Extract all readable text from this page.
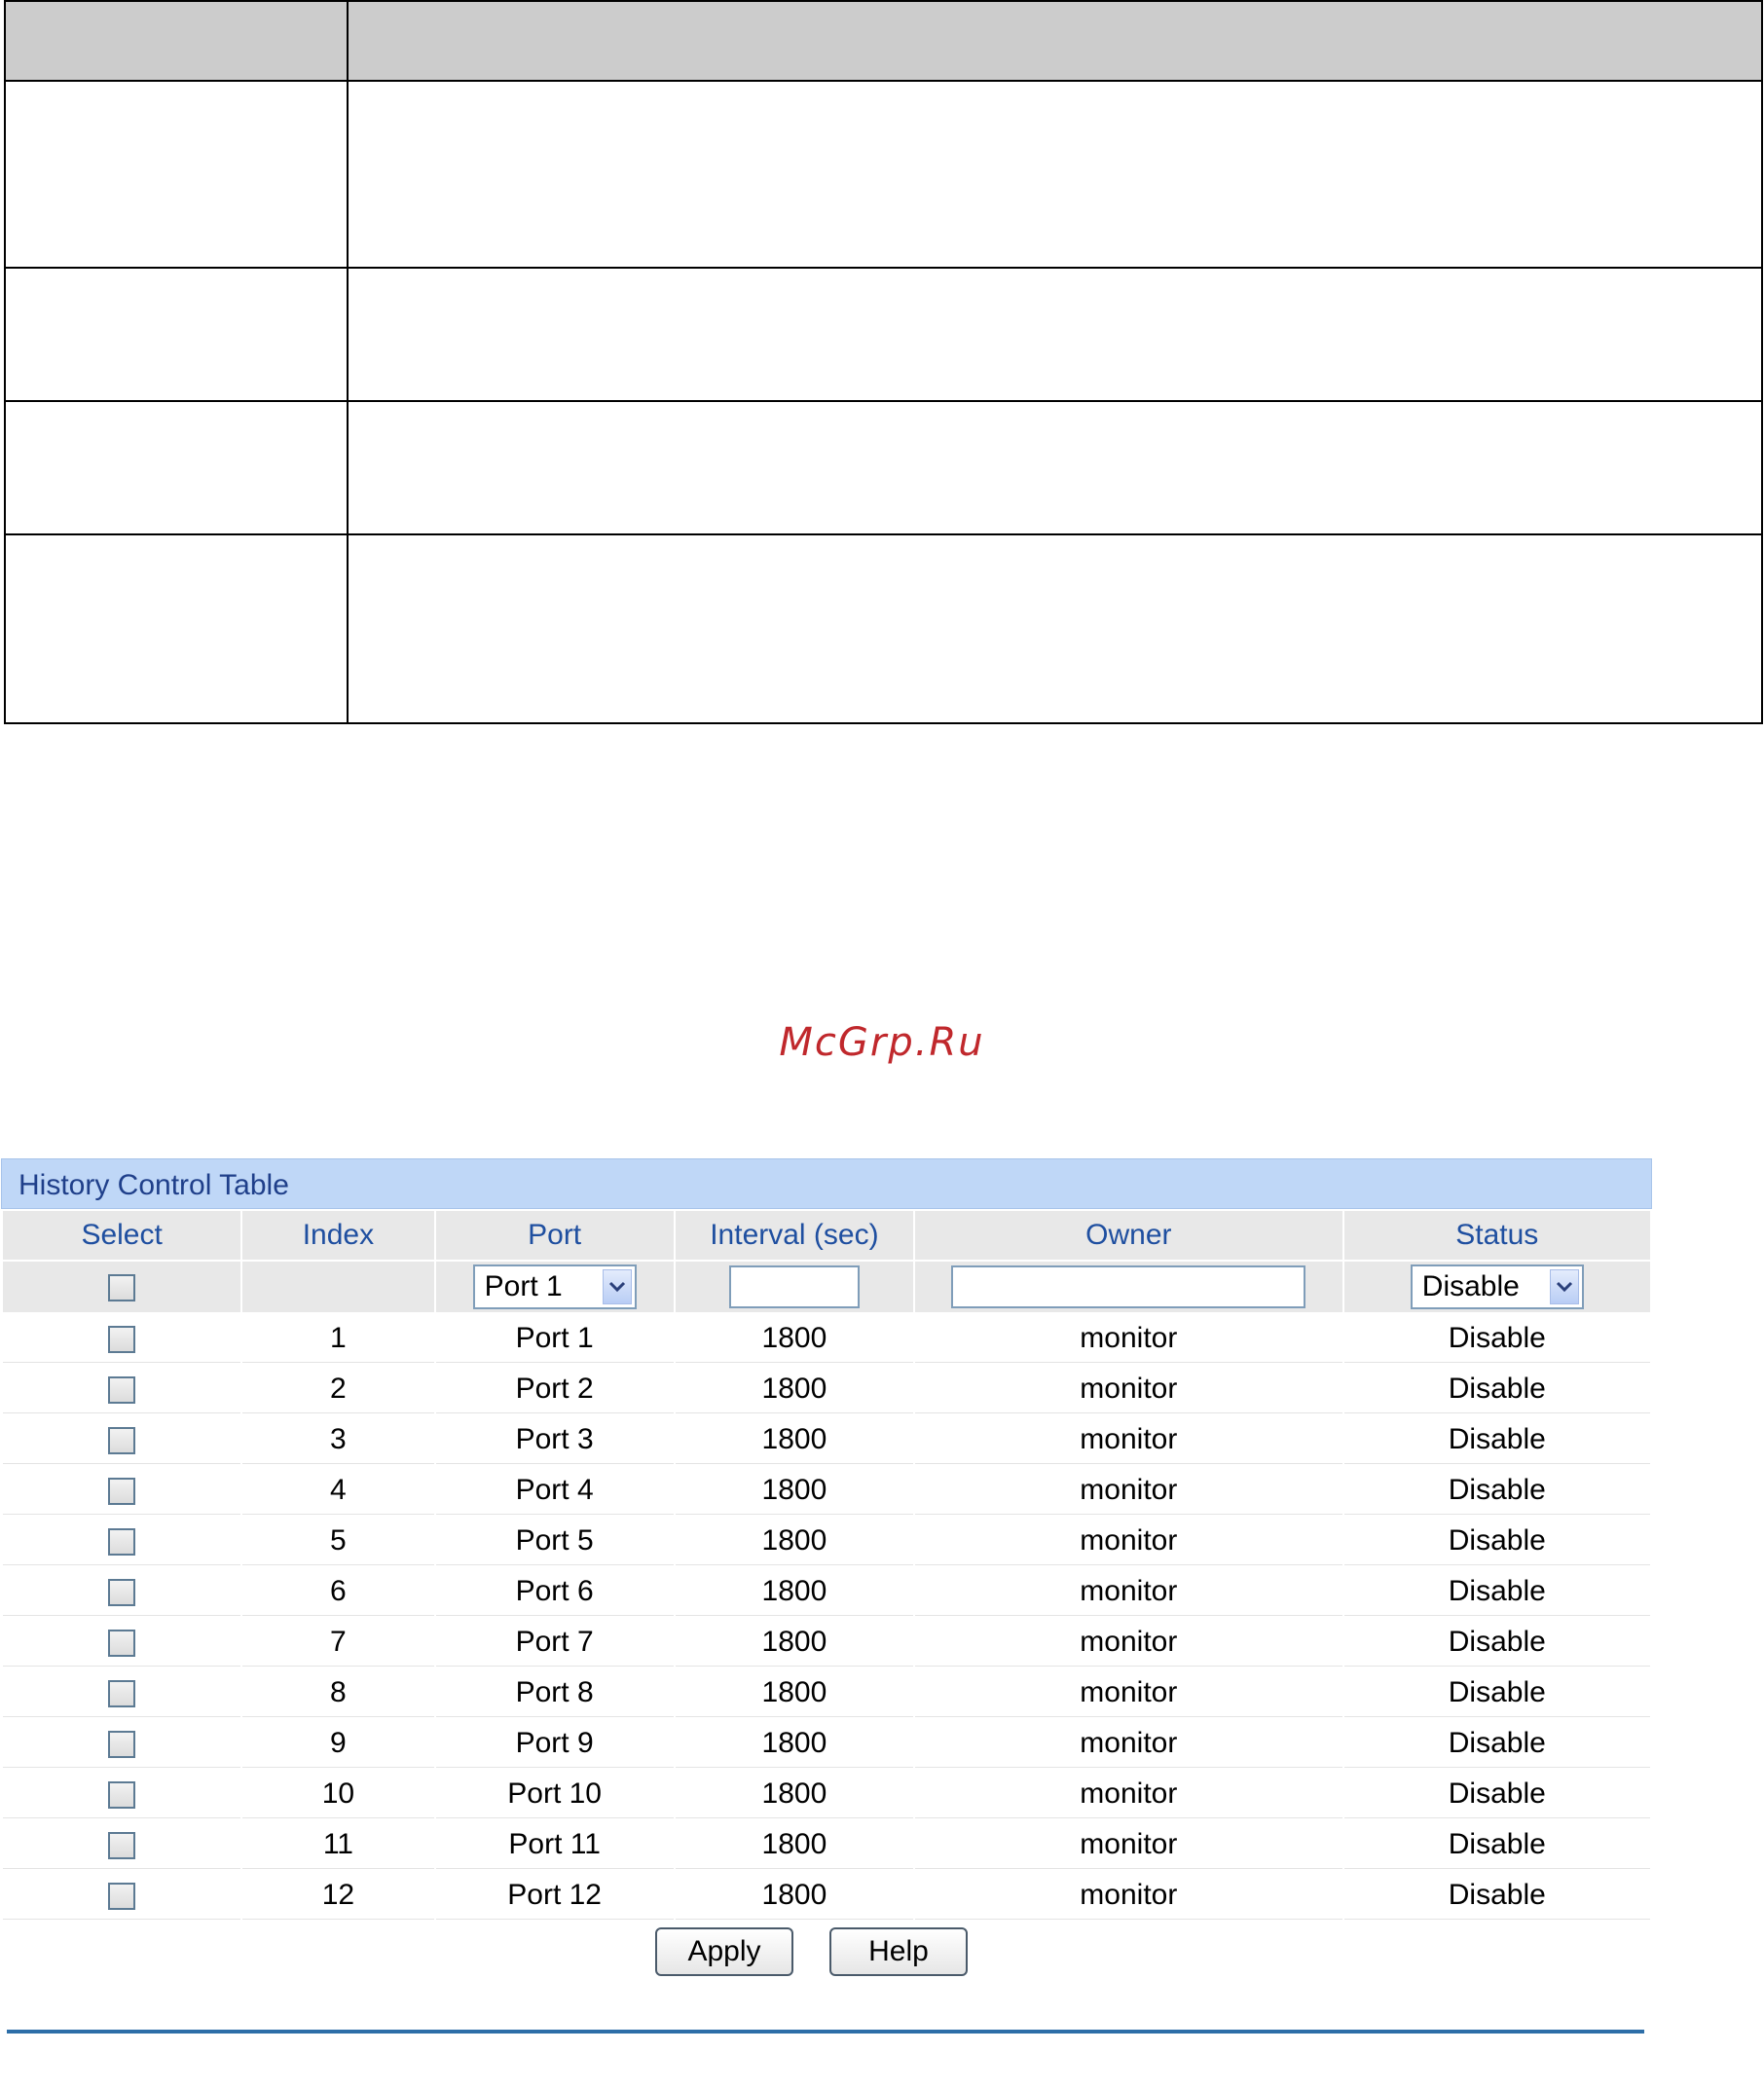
McGrp.Ru
History Control Table
Select	Index	Port	Interval (sec)	Owner	Status

		Port 1			Disable

	1	Port 1	1800	monitor	Disable
	2	Port 2	1800	monitor	Disable
	3	Port 3	1800	monitor	Disable
	4	Port 4	1800	monitor	Disable
	5	Port 5	1800	monitor	Disable
	6	Port 6	1800	monitor	Disable
	7	Port 7	1800	monitor	Disable
	8	Port 8	1800	monitor	Disable
	9	Port 9	1800	monitor	Disable
	10	Port 10	1800	monitor	Disable
	11	Port 11	1800	monitor	Disable
	12	Port 12	1800	monitor	Disable
Apply	Help
